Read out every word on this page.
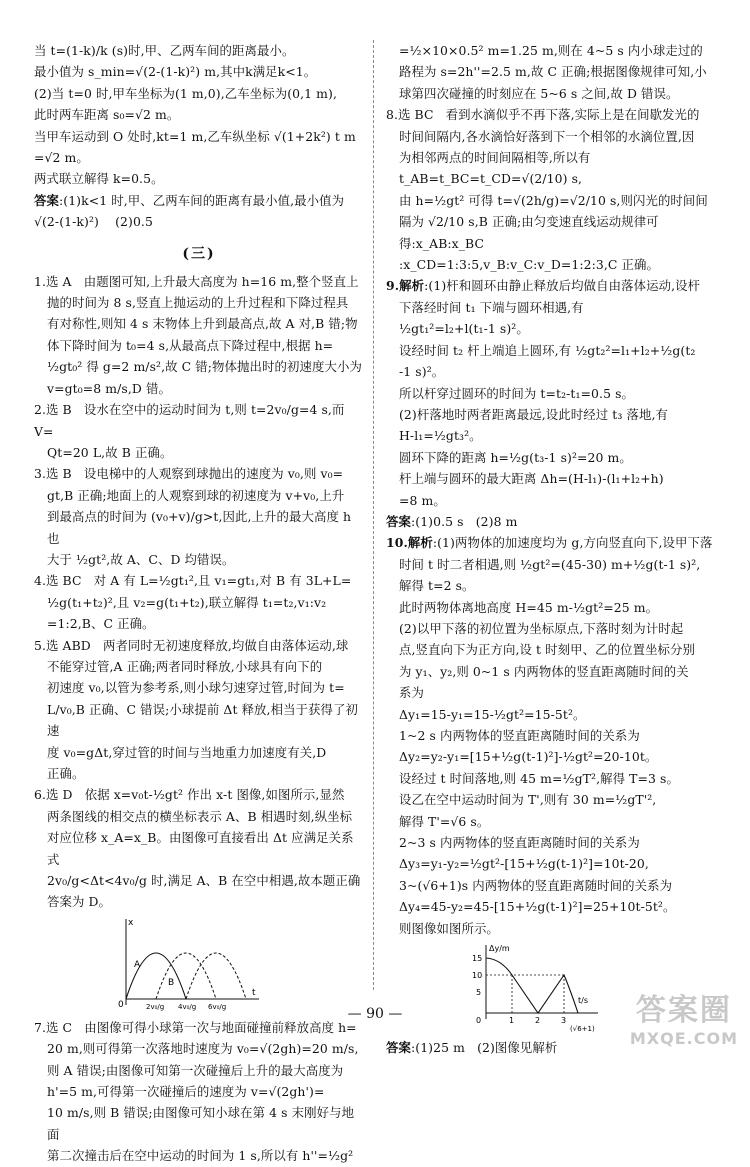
当 t=(1-k)/k (s)时,甲、乙两车间的距离最小。

最小值为 s_min=√(2-(1-k)²) m,其中k满足k<1。

(2)当 t=0 时,甲车坐标为(1 m,0),乙车坐标为(0,1 m),

此时两车距离 s₀=√2 m。

当甲车运动到 O 处时,kt=1 m,乙车纵坐标 √(1+2k²) t m

=√2 m。

两式联立解得 k=0.5。

答案:(1)k<1 时,甲、乙两车间的距离有最小值,最小值为

√(2-(1-k)²)    (2)0.5

(三)

1.选 A   由题图可知,上升最大高度为 h=16 m,整个竖直上

抛的时间为 8 s,竖直上抛运动的上升过程和下降过程具

有对称性,则知 4 s 末物体上升到最高点,故 A 对,B 错;物

体下降时间为 t₀=4 s,从最高点下降过程中,根据 h=

½gt₀² 得 g=2 m/s²,故 C 错;物体抛出时的初速度大小为

v=gt₀=8 m/s,D 错。

2.选 B   设水在空中的运动时间为 t,则 t=2v₀/g=4 s,而 V=

Qt=20 L,故 B 正确。

3.选 B   设电梯中的人观察到球抛出的速度为 v₀,则 v₀=

gt,B 正确;地面上的人观察到球的初速度为 v+v₀,上升

到最高点的时间为 (v₀+v)/g>t,因此,上升的最大高度 h 也

大于 ½gt²,故 A、C、D 均错误。

4.选 BC   对 A 有 L=½gt₁²,且 v₁=gt₁,对 B 有 3L+L=

½g(t₁+t₂)²,且 v₂=g(t₁+t₂),联立解得 t₁=t₂,v₁:v₂

=1:2,B、C 正确。

5.选 ABD   两者同时无初速度释放,均做自由落体运动,球

不能穿过管,A 正确;两者同时释放,小球具有向下的

初速度 v₀,以管为参考系,则小球匀速穿过管,时间为 t=

L/v₀,B 正确、C 错误;小球提前 Δt 释放,相当于获得了初速

度 v₀=gΔt,穿过管的时间与当地重力加速度有关,D

正确。

6.选 D   依据 x=v₀t-½gt² 作出 x-t 图像,如图所示,显然

两条图线的相交点的横坐标表示 A、B 相遇时刻,纵坐标

对应位移 x_A=x_B。由图像可直接看出 Δt 应满足关系式

2v₀/g<Δt<4v₀/g 时,满足 A、B 在空中相遇,故本题正确答案为 D。

x
t
0
A
B
2v₀/g 4v₀/g 6v₀/g

7.选 C   由图像可得小球第一次与地面碰撞前释放高度 h=

20 m,则可得第一次落地时速度为 v₀=√(2gh)=20 m/s,

则 A 错误;由图像可知第一次碰撞后上升的最大高度为

h'=5 m,可得第一次碰撞后的速度为 v=√(2gh')=

10 m/s,则 B 错误;由图像可知小球在第 4 s 末刚好与地面

第二次撞击后在空中运动的时间为 1 s,所以有 h''=½g²

=½×10×0.5² m=1.25 m,则在 4~5 s 内小球走过的

路程为 s=2h''=2.5 m,故 C 正确;根据图像规律可知,小

球第四次碰撞的时刻应在 5~6 s 之间,故 D 错误。

8.选 BC   看到水滴似乎不再下落,实际上是在间歇发光的

时间间隔内,各水滴恰好落到下一个相邻的水滴位置,因

为相邻两点的时间间隔相等,所以有 t_AB=t_BC=t_CD=√(2/10) s,

由 h=½gt² 可得 t=√(2h/g)=√2/10 s,则闪光的时间间

隔为 √2/10 s,B 正确;由匀变速直线运动规律可得:x_AB:x_BC

:x_CD=1:3:5,v_B:v_C:v_D=1:2:3,C 正确。

9.解析:(1)杆和圆环由静止释放后均做自由落体运动,设杆

下落经时间 t₁ 下端与圆环相遇,有

½gt₁²=l₂+l(t₁-1 s)²。

设经时间 t₂ 杆上端追上圆环,有 ½gt₂²=l₁+l₂+½g(t₂

-1 s)²。

所以杆穿过圆环的时间为 t=t₂-t₁=0.5 s。

(2)杆落地时两者距离最远,设此时经过 t₃ 落地,有

H-l₁=½gt₃²。

圆环下降的距离 h=½g(t₃-1 s)²=20 m。

杆上端与圆环的最大距离 Δh=(H-l₁)-(l₁+l₂+h)

=8 m。

答案:(1)0.5 s   (2)8 m

10.解析:(1)两物体的加速度均为 g,方向竖直向下,设甲下落

时间 t 时二者相遇,则 ½gt²=(45-30) m+½g(t-1 s)²,

解得 t=2 s。

此时两物体离地高度 H=45 m-½gt²=25 m。

(2)以甲下落的初位置为坐标原点,下落时刻为计时起

点,竖直向下为正方向,设 t 时刻甲、乙的位置坐标分别

为 y₁、y₂,则 0~1 s 内两物体的竖直距离随时间的关

系为

Δy₁=15-y₁=15-½gt²=15-5t²。

1~2 s 内两物体的竖直距离随时间的关系为

Δy₂=y₂-y₁=[15+½g(t-1)²]-½gt²=20-10t。

设经过 t 时间落地,则 45 m=½gT²,解得 T=3 s。

设乙在空中运动时间为 T',则有 30 m=½gT'²,

解得 T'=√6 s。

2~3 s 内两物体的竖直距离随时间的关系为

Δy₃=y₁-y₂=½gt²-[15+½g(t-1)²]=10t-20,

3~(√6+1)s 内两物体的竖直距离随时间的关系为

Δy₄=45-y₂=45-[15+½g(t-1)²]=25+10t-5t²。

则图像如图所示。

Δy/m
t/s
15
10
5
0	1	2	3
(√6+1)

答案:(1)25 m   (2)图像见解析

— 90 —	答案圈
MXQE.COM
